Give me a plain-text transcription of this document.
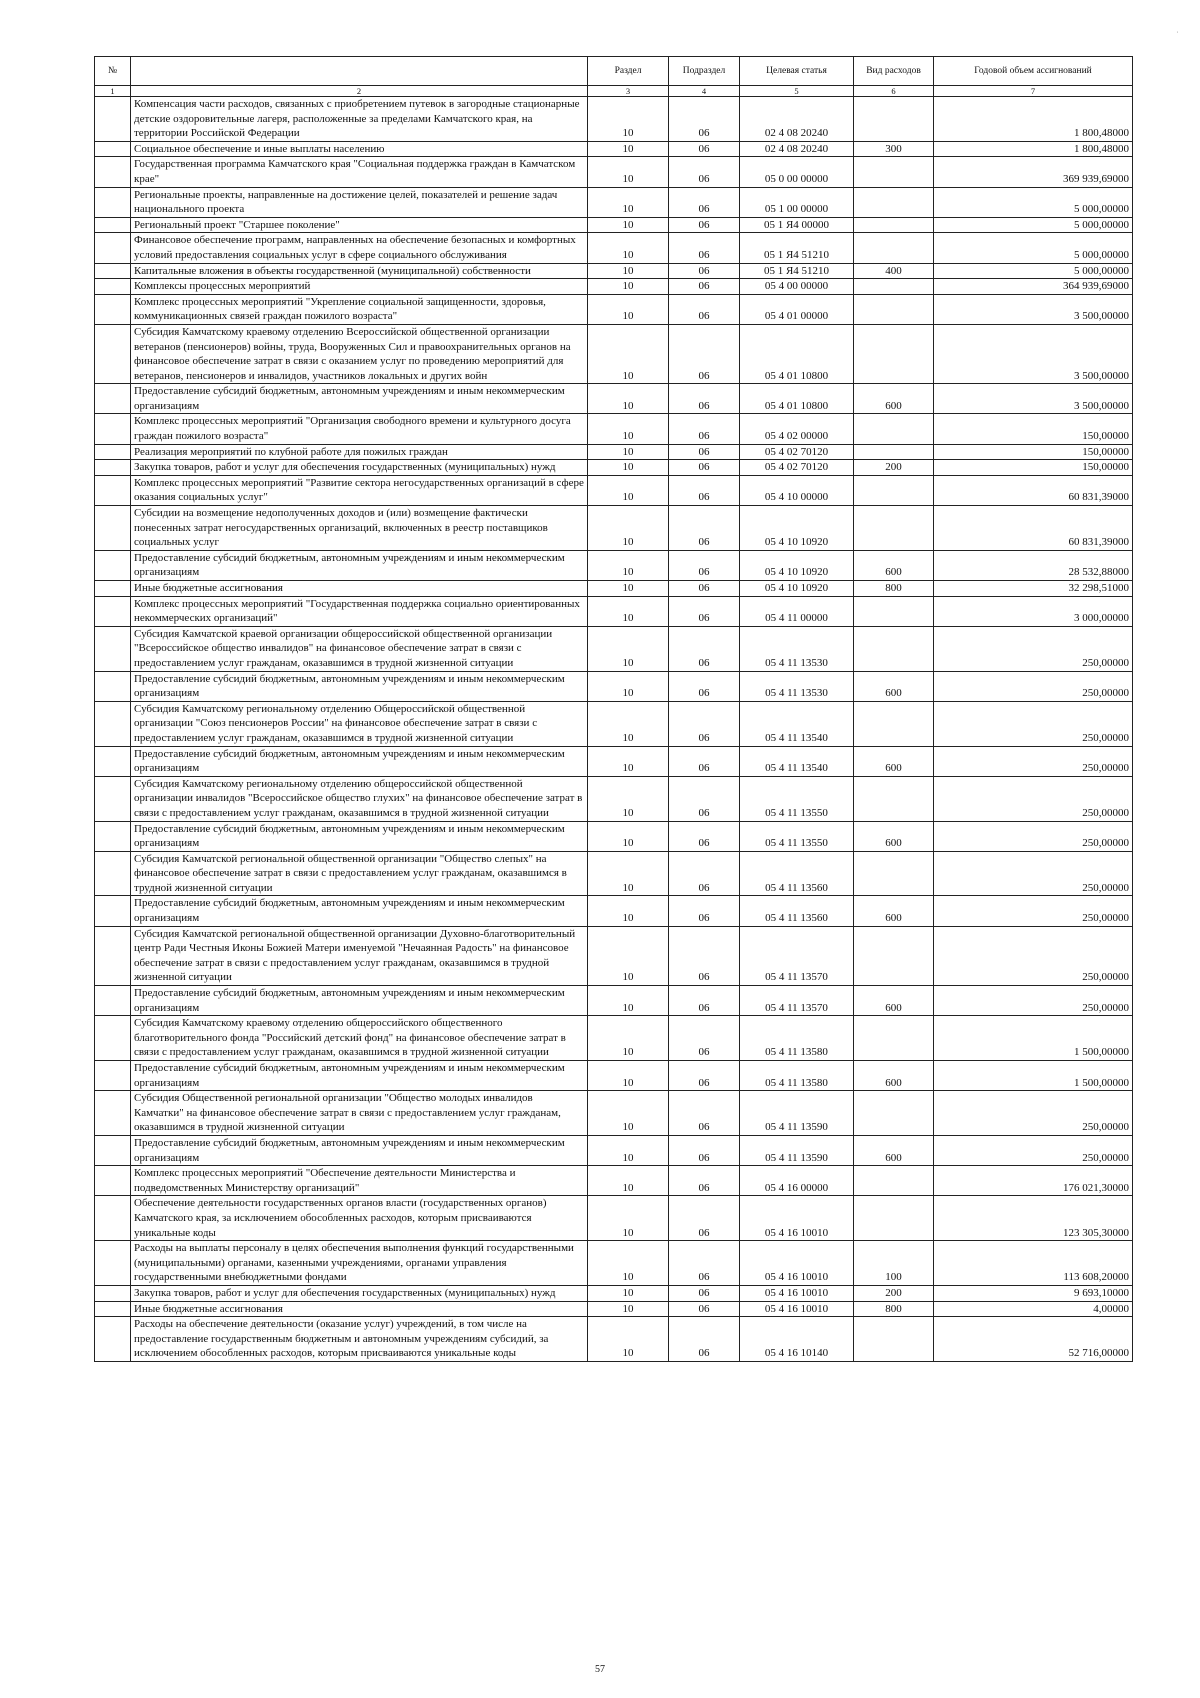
˙
№		Раздел	Подраздел	Целевая статья	Вид расходов	Годовой объем ассигнований
1	2	3	4	5	6	7
	Компенсация части расходов, связанных с приобретением путевок в загородные стационарные детские оздоровительные лагеря, расположенные за пределами Камчатского края, на территории Российской Федерации	10	06	02 4 08 20240		1 800,48000
	Социальное обеспечение и иные выплаты населению	10	06	02 4 08 20240	300	1 800,48000
	Государственная программа Камчатского края "Социальная поддержка граждан в Камчатском крае"	10	06	05 0 00 00000		369 939,69000
	Региональные проекты, направленные на достижение целей, показателей и решение задач национального проекта	10	06	05 1 00 00000		5 000,00000
	Региональный проект "Старшее поколение"	10	06	05 1 Я4 00000		5 000,00000
	Финансовое обеспечение программ, направленных на обеспечение безопасных и комфортных условий предоставления социальных услуг в сфере социального обслуживания	10	06	05 1 Я4 51210		5 000,00000
	Капитальные вложения в объекты государственной (муниципальной) собственности	10	06	05 1 Я4 51210	400	5 000,00000
	Комплексы процессных мероприятий	10	06	05 4 00 00000		364 939,69000
	Комплекс процессных мероприятий "Укрепление социальной защищенности, здоровья, коммуникационных связей граждан пожилого возраста"	10	06	05 4 01 00000		3 500,00000
	Субсидия Камчатскому краевому отделению Всероссийской общественной организации ветеранов (пенсионеров) войны, труда, Вооруженных Сил и правоохранительных органов на финансовое обеспечение затрат в связи с оказанием услуг по проведению мероприятий для ветеранов, пенсионеров и инвалидов, участников локальных и других войн	10	06	05 4 01 10800		3 500,00000
	Предоставление субсидий бюджетным, автономным учреждениям и иным некоммерческим организациям	10	06	05 4 01 10800	600	3 500,00000
	Комплекс процессных мероприятий "Организация свободного времени и культурного досуга граждан пожилого возраста"	10	06	05 4 02 00000		150,00000
	Реализация мероприятий по клубной работе для пожилых граждан	10	06	05 4 02 70120		150,00000
	Закупка товаров, работ и услуг для обеспечения государственных (муниципальных) нужд	10	06	05 4 02 70120	200	150,00000
	Комплекс процессных мероприятий "Развитие сектора негосударственных организаций в сфере оказания социальных услуг"	10	06	05 4 10 00000		60 831,39000
	Субсидии на возмещение недополученных доходов и (или) возмещение фактически понесенных затрат негосударственных организаций, включенных в реестр поставщиков социальных услуг	10	06	05 4 10 10920		60 831,39000
	Предоставление субсидий бюджетным, автономным учреждениям и иным некоммерческим организациям	10	06	05 4 10 10920	600	28 532,88000
	Иные бюджетные ассигнования	10	06	05 4 10 10920	800	32 298,51000
	Комплекс процессных мероприятий "Государственная поддержка социально ориентированных некоммерческих организаций"	10	06	05 4 11 00000		3 000,00000
	Субсидия Камчатской краевой организации общероссийской общественной организации "Всероссийское общество инвалидов" на финансовое обеспечение затрат в связи с предоставлением услуг гражданам, оказавшимся в трудной жизненной ситуации	10	06	05 4 11 13530		250,00000
	Предоставление субсидий бюджетным, автономным учреждениям и иным некоммерческим организациям	10	06	05 4 11 13530	600	250,00000
	Субсидия Камчатскому региональному отделению Общероссийской общественной организации "Союз пенсионеров России" на финансовое обеспечение затрат в связи с предоставлением услуг гражданам, оказавшимся в трудной жизненной ситуации	10	06	05 4 11 13540		250,00000
	Предоставление субсидий бюджетным, автономным учреждениям и иным некоммерческим организациям	10	06	05 4 11 13540	600	250,00000
	Субсидия Камчатскому региональному отделению общероссийской общественной организации инвалидов "Всероссийское общество глухих" на финансовое обеспечение затрат в связи с предоставлением услуг гражданам, оказавшимся в трудной жизненной ситуации	10	06	05 4 11 13550		250,00000
	Предоставление субсидий бюджетным, автономным учреждениям и иным некоммерческим организациям	10	06	05 4 11 13550	600	250,00000
	Субсидия Камчатской региональной общественной организации "Общество слепых" на финансовое обеспечение затрат в связи с предоставлением услуг гражданам, оказавшимся в трудной жизненной ситуации	10	06	05 4 11 13560		250,00000
	Предоставление субсидий бюджетным, автономным учреждениям и иным некоммерческим организациям	10	06	05 4 11 13560	600	250,00000
	Субсидия Камчатской региональной общественной организации Духовно-благотворительный центр Ради Честныя Иконы Божией Матери именуемой "Нечаянная Радость" на финансовое обеспечение затрат в связи с предоставлением услуг гражданам, оказавшимся в трудной жизненной ситуации	10	06	05 4 11 13570		250,00000
	Предоставление субсидий бюджетным, автономным учреждениям и иным некоммерческим организациям	10	06	05 4 11 13570	600	250,00000
	Субсидия Камчатскому краевому отделению общероссийского общественного благотворительного фонда "Российский детский фонд" на финансовое обеспечение затрат в связи с предоставлением услуг гражданам, оказавшимся в трудной жизненной ситуации	10	06	05 4 11 13580		1 500,00000
	Предоставление субсидий бюджетным, автономным учреждениям и иным некоммерческим организациям	10	06	05 4 11 13580	600	1 500,00000
	Субсидия Общественной региональной организации "Общество молодых инвалидов Камчатки" на финансовое обеспечение затрат в связи с предоставлением услуг гражданам, оказавшимся в трудной жизненной ситуации	10	06	05 4 11 13590		250,00000
	Предоставление субсидий бюджетным, автономным учреждениям и иным некоммерческим организациям	10	06	05 4 11 13590	600	250,00000
	Комплекс процессных мероприятий "Обеспечение деятельности Министерства и подведомственных Министерству организаций"	10	06	05 4 16 00000		176 021,30000
	Обеспечение деятельности государственных органов власти (государственных органов) Камчатского края, за исключением обособленных расходов, которым присваиваются уникальные коды	10	06	05 4 16 10010		123 305,30000
	Расходы на выплаты персоналу в целях обеспечения выполнения функций государственными (муниципальными) органами, казенными учреждениями, органами управления государственными внебюджетными фондами	10	06	05 4 16 10010	100	113 608,20000
	Закупка товаров, работ и услуг для обеспечения государственных (муниципальных) нужд	10	06	05 4 16 10010	200	9 693,10000
	Иные бюджетные ассигнования	10	06	05 4 16 10010	800	4,00000
	Расходы на обеспечение деятельности (оказание услуг) учреждений, в том числе на предоставление государственным бюджетным и автономным учреждениям субсидий, за исключением обособленных расходов, которым присваиваются уникальные коды	10	06	05 4 16 10140		52 716,00000
57
